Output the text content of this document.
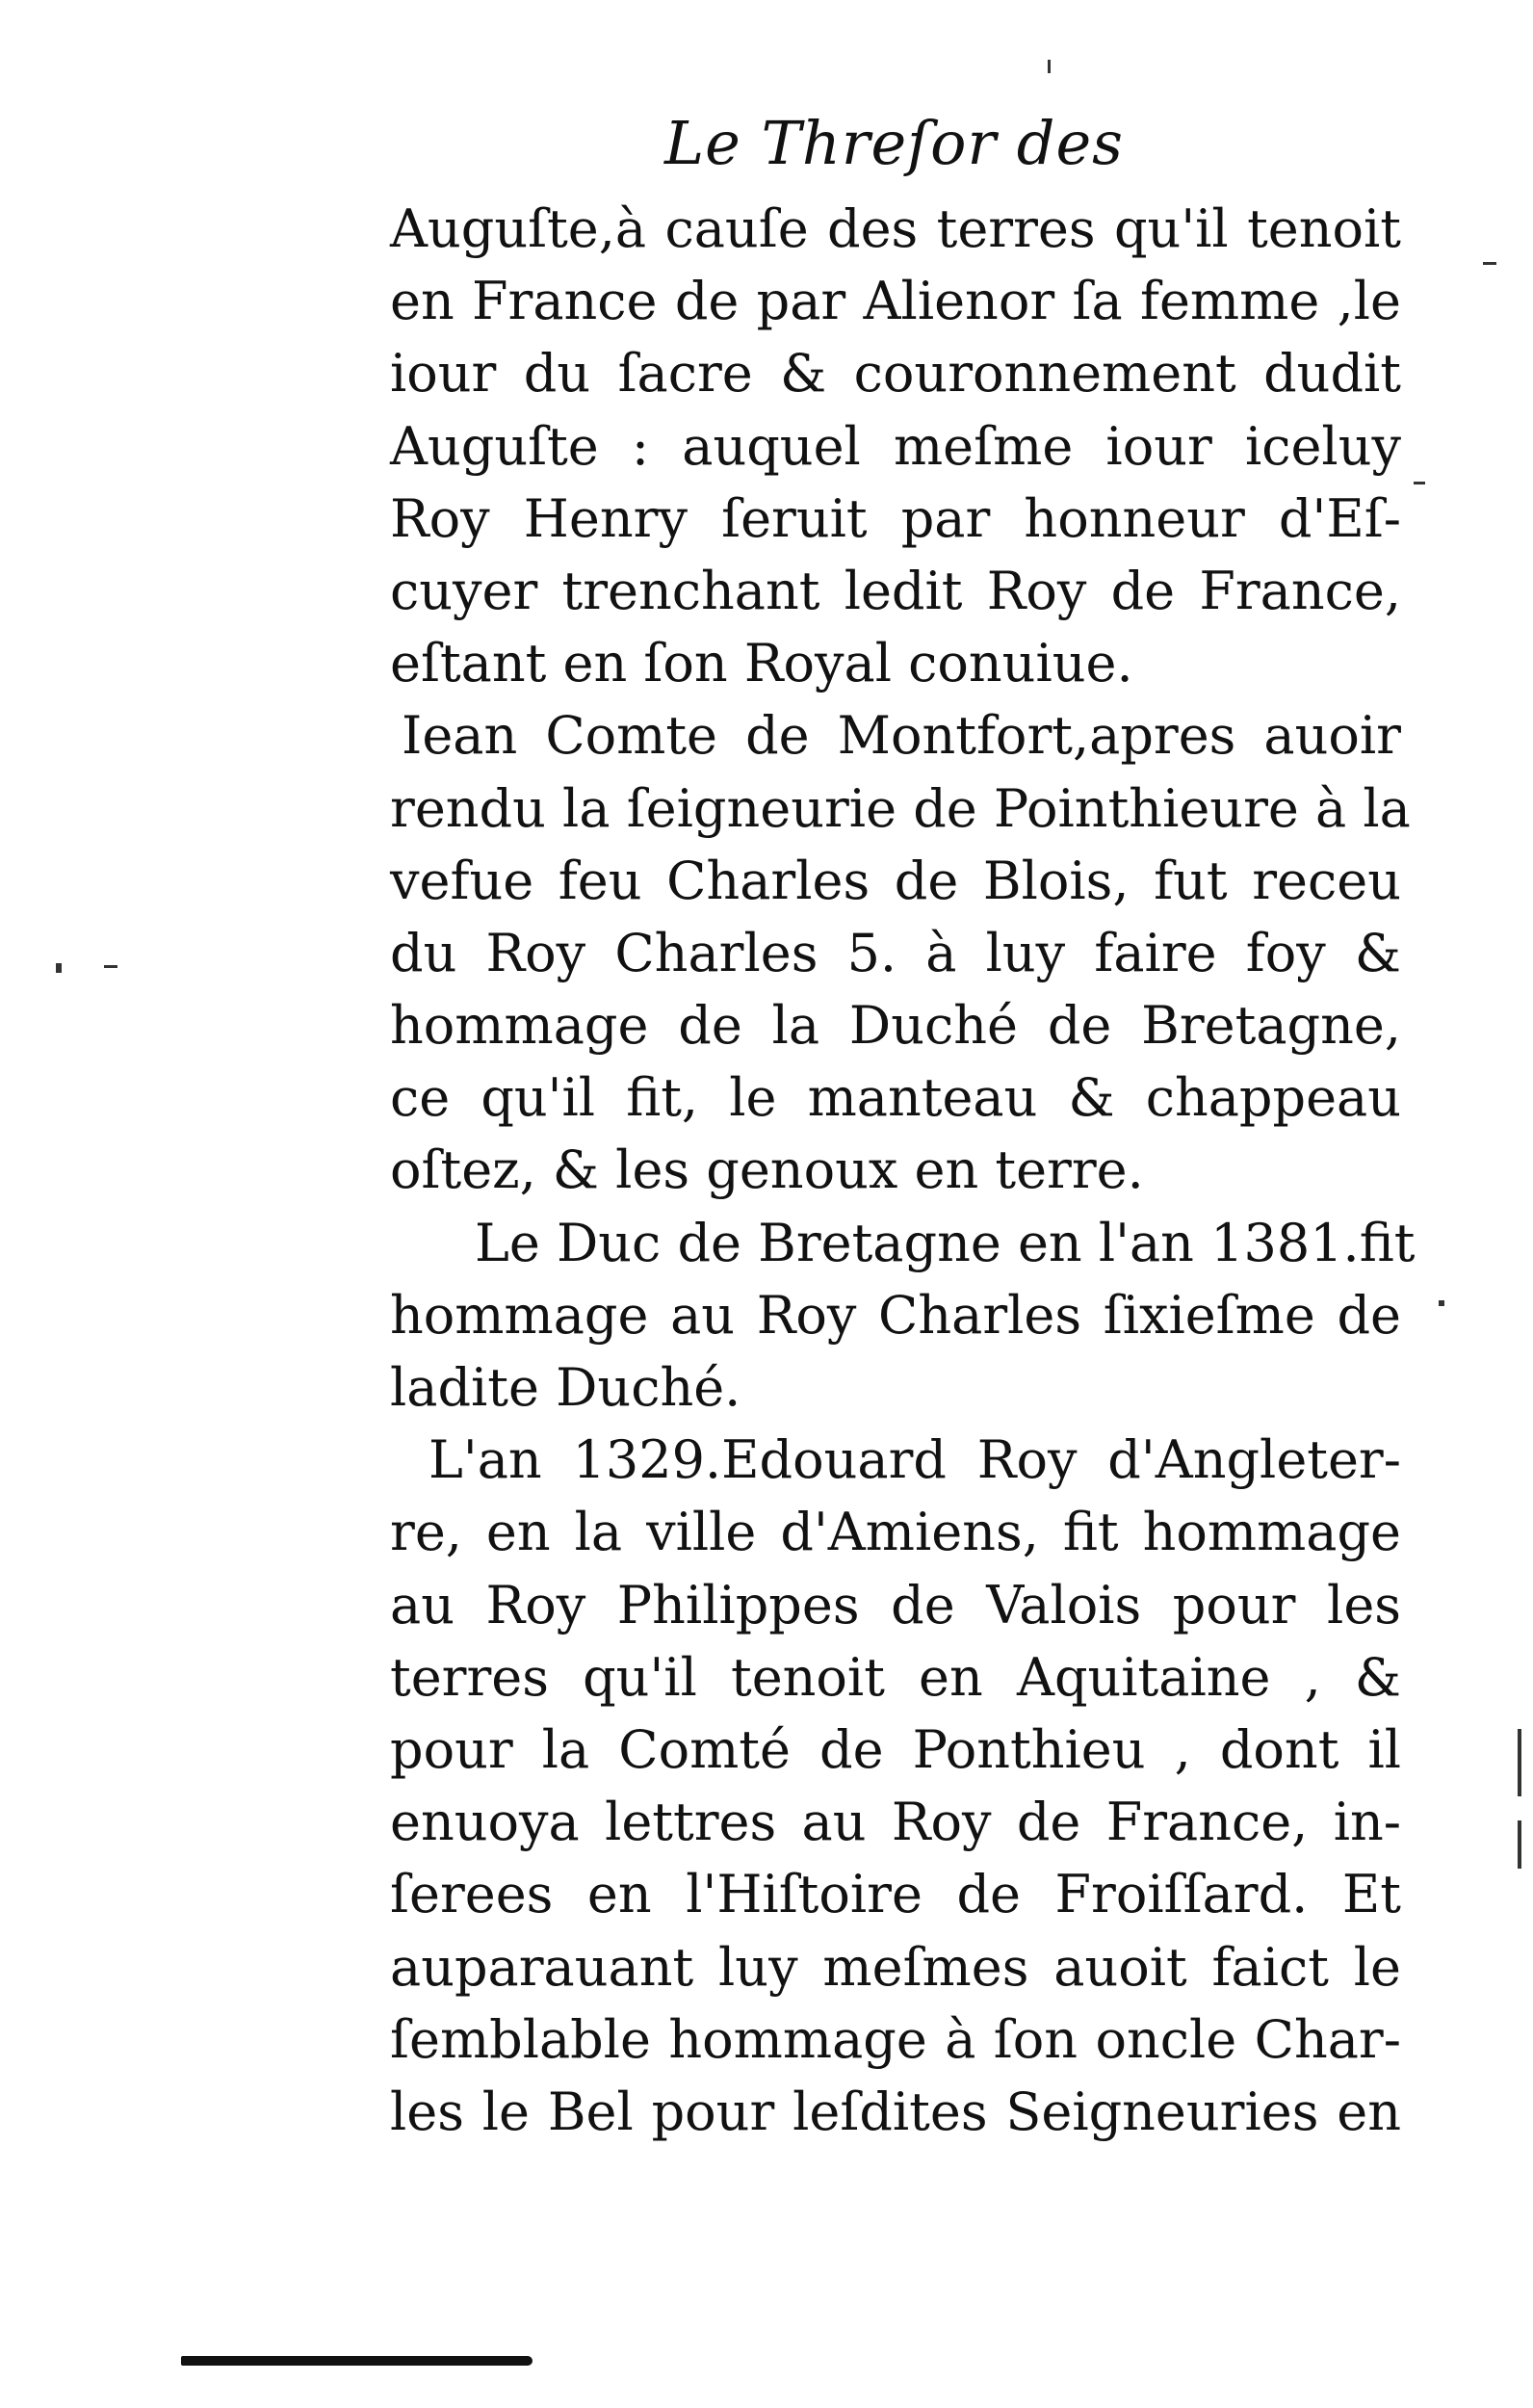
Le Threſor des
Auguſte,à cauſe des terres qu'il tenoit
en France de par Alienor ſa femme ,le
iour du ſacre & couronnement dudit
Auguſte : auquel meſme iour iceluy
Roy Henry ſeruit par honneur d'Eſ-
cuyer trenchant ledit Roy de France,
eſtant en ſon Royal conuiue.
Iean Comte de Montfort,apres auoir
rendu la ſeigneurie de Pointhieure à la
vefue feu Charles de Blois, fut receu
du Roy Charles 5. à luy faire foy &
hommage de la Duché de Bretagne,
ce qu'il fit, le manteau & chappeau
oſtez, & les genoux en terre.
Le Duc de Bretagne en l'an 1381.fit
hommage au Roy Charles ſixieſme de
ladite Duché.
L'an 1329.Edouard Roy d'Angleter-
re, en la ville d'Amiens, fit hommage
au Roy Philippes de Valois pour les
terres qu'il tenoit en Aquitaine , &
pour la Comté de Ponthieu , dont il
enuoya lettres au Roy de France, in-
ſerees en l'Hiſtoire de Froiſſard. Et
auparauant luy meſmes auoit faict le
ſemblable hommage à ſon oncle Char-
les le Bel pour leſdites Seigneuries en
